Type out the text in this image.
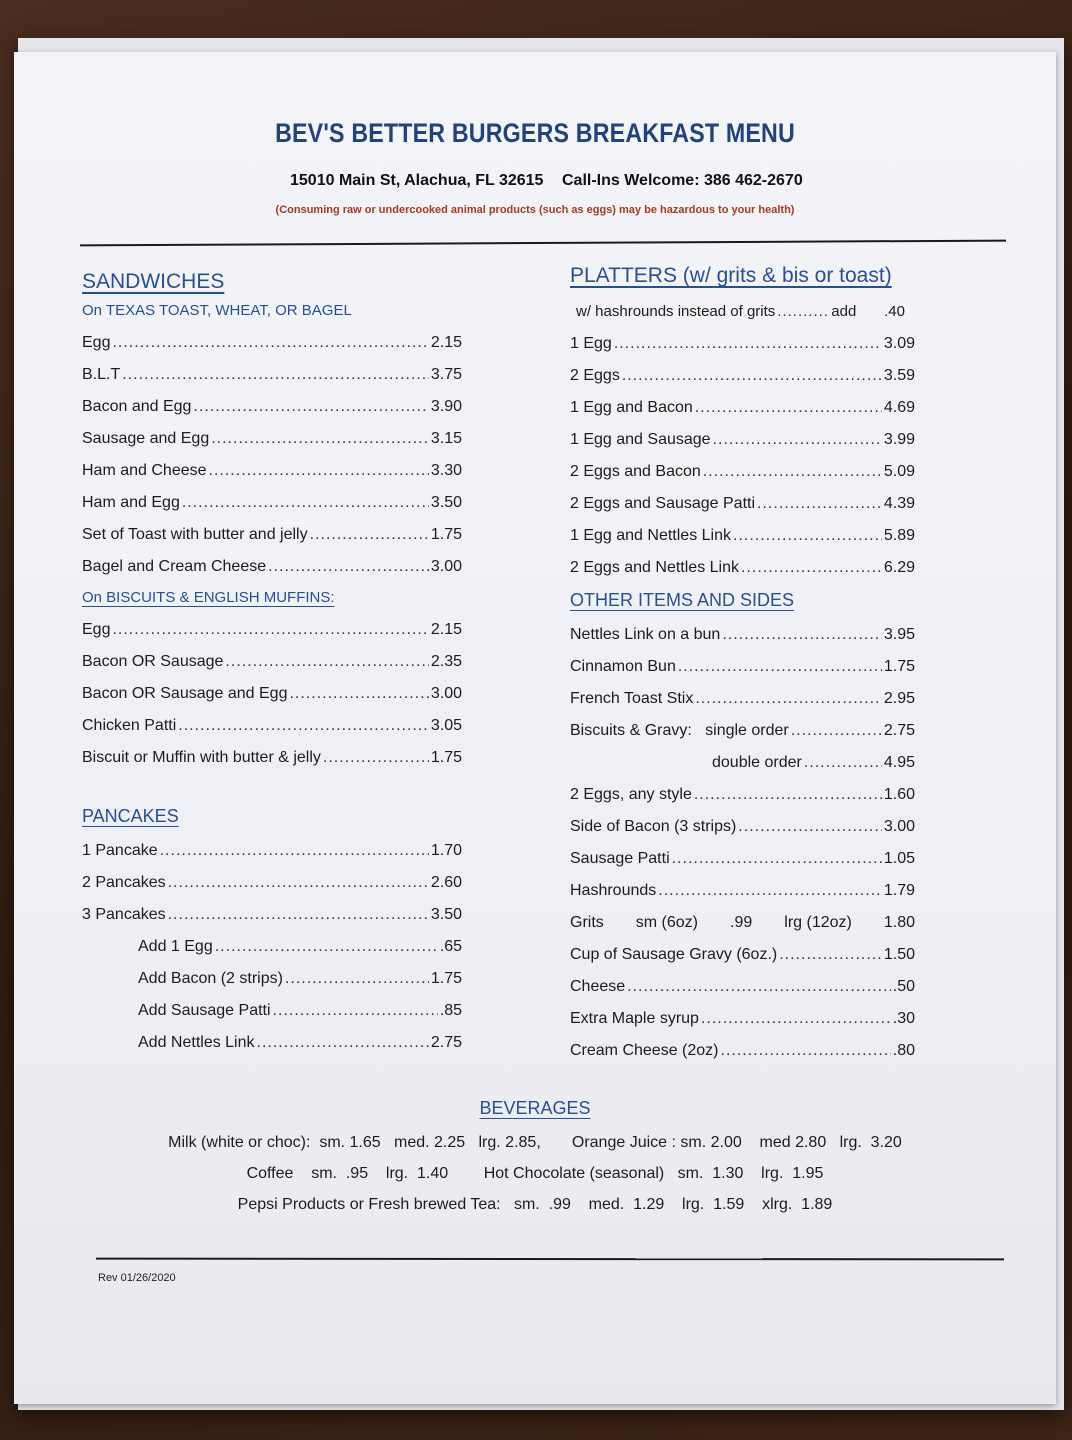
BEV'S BETTER BURGERS BREAKFAST MENU
15010 Main St, Alachua, FL 32615 Call-Ins Welcome: 386 462-2670
(Consuming raw or undercooked animal products (such as eggs) may be hazardous to your health)
SANDWICHES
On TEXAS TOAST, WHEAT, OR BAGEL
Egg .....	2.15
B.L.T .....	3.75
Bacon and Egg .....	3.90
Sausage and Egg .....	3.15
Ham and Cheese .....	3.30
Ham and Egg .....	3.50
Set of Toast with butter and jelly .....	1.75
Bagel and Cream Cheese .....	3.00
On BISCUITS & ENGLISH MUFFINS:
Egg .....	2.15
Bacon OR Sausage .....	2.35
Bacon OR Sausage and Egg .....	3.00
Chicken Patti .....	3.05
Biscuit or Muffin with butter & jelly .....	1.75
PANCAKES
1 Pancake .....	1.70
2 Pancakes .....	2.60
3 Pancakes .....	3.50
Add 1 Egg .....	.65
Add Bacon (2 strips) .....	1.75
Add Sausage Patti .....	.85
Add Nettles Link .....	2.75
PLATTERS (w/ grits & bis or toast)
w/ hashrounds instead of grits .....	add .40
1 Egg .....	3.09
2 Eggs .....	3.59
1 Egg and Bacon .....	4.69
1 Egg and Sausage .....	3.99
2 Eggs and Bacon .....	5.09
2 Eggs and Sausage Patti .....	4.39
1 Egg and Nettles Link .....	5.89
2 Eggs and Nettles Link .....	6.29
OTHER ITEMS AND SIDES
Nettles Link on a bun .....	3.95
Cinnamon Bun .....	1.75
French Toast Stix .....	2.95
Biscuits & Gravy:   single order .....	2.75
double order .....	4.95
2 Eggs, any style .....	1.60
Side of Bacon (3 strips) .....	3.00
Sausage Patti .....	1.05
Hashrounds .....	1.79
Grits sm (6oz) .99 lrg (12oz) 1.80
Cup of Sausage Gravy (6oz.) .....	1.50
Cheese .....	.50
Extra Maple syrup .....	.30
Cream Cheese (2oz) .....	.80
BEVERAGES
Milk (white or choc):  sm. 1.65   med. 2.25   lrg. 2.85,       Orange Juice : sm. 2.00    med 2.80   lrg.  3.20
Coffee    sm.  .95    lrg.  1.40        Hot Chocolate (seasonal)   sm.  1.30    lrg.  1.95
Pepsi Products or Fresh brewed Tea:   sm.  .99    med.  1.29    lrg.  1.59    xlrg.  1.89
Rev 01/26/2020
